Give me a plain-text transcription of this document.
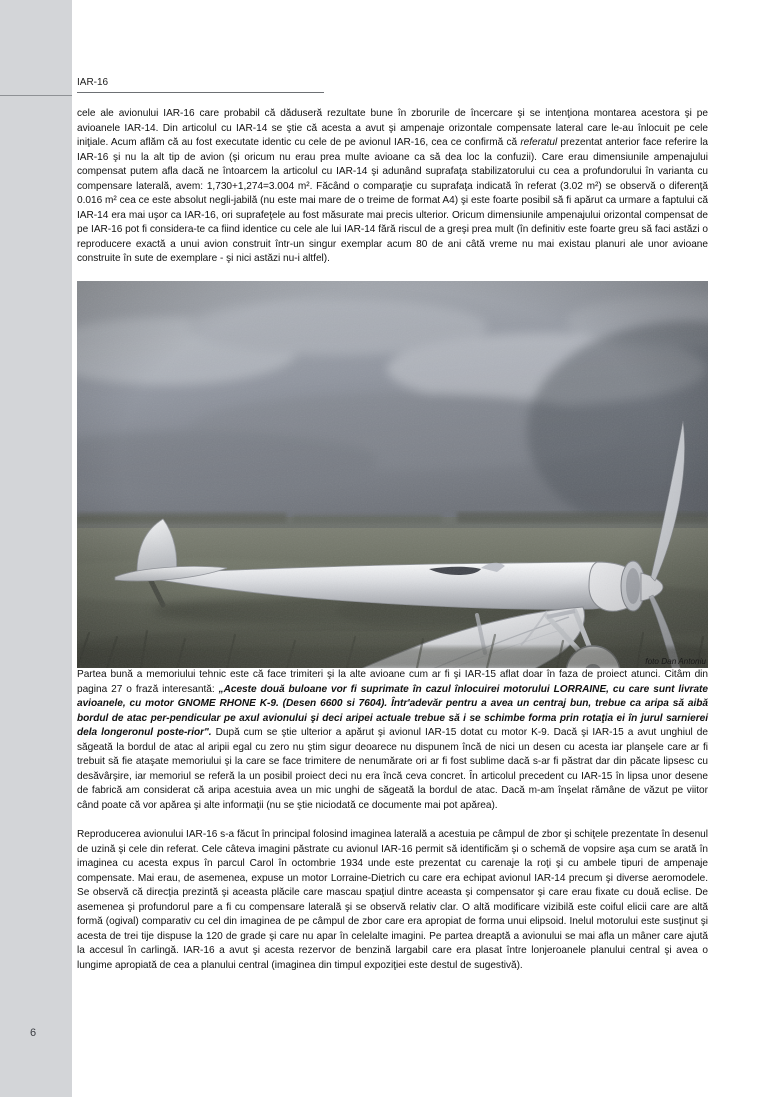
6
IAR-16

cele ale avionului IAR-16 care probabil că dăduseră rezultate bune în zborurile de încercare şi se intenţiona montarea acestora şi pe avioanele IAR-14. Din articolul cu IAR-14 se ştie că acesta a avut şi ampenaje orizontale compensate lateral care le-au înlocuit pe cele iniţiale. Acum aflăm că au fost executate identic cu cele de pe avionul IAR-16, cea ce confirmă că referatul prezentat anterior face referire la IAR-16 şi nu la alt tip de avion (şi oricum nu erau prea multe avioane ca să dea loc la confuzii). Care erau dimensiunile ampenajului compensat putem afla dacă ne întoarcem la articolul cu IAR-14 şi adunând suprafaţa stabilizatorului cu cea a profundorului în varianta cu compensare laterală, avem: 1,730+1,274=3.004 m². Făcând o comparaţie cu suprafaţa indicată în referat (3.02 m²) se observă o diferenţă 0.016 m² cea ce este absolut negli-jabilă (nu este mai mare de o treime de format A4) şi este foarte posibil să fi apărut ca urmare a faptului că IAR-14 era mai uşor ca IAR-16, ori suprafeţele au fost măsurate mai precis ulterior. Oricum dimensiunile ampenajului orizontal compensat de pe IAR-16 pot fi considera-te ca fiind identice cu cele ale lui IAR-14 fără riscul de a greşi prea mult (în definitiv este foarte greu să faci astăzi o reproducere exactă a unui avion construit într-un singur exemplar acum 80 de ani câtă vreme nu mai existau planuri ale unor avioane construite în sute de exemplare - şi nici astăzi nu-i altfel).

foto Dan Antoniu

Partea bună a memoriului tehnic este că face trimiteri şi la alte avioane cum ar fi şi IAR-15 aflat doar în faza de proiect atunci. Citâm din pagina 27 o frază interesantă: „Aceste două buloane vor fi suprimate în cazul înlocuirei motorului LORRAINE, cu care sunt livrate avioanele, cu motor GNOME RHONE K-9. (Desen 6600 si 7604). Într'adevăr pentru a avea un centraj bun, trebue ca aripa să aibă bordul de atac per-pendicular pe axul avionului şi deci aripei actuale trebue să i se schimbe forma prin rotaţia ei în jurul sarnierei dela longeronul poste-rior". După cum se ştie ulterior a apărut şi avionul IAR-15 dotat cu motor K-9. Dacă şi IAR-15 a avut unghiul de săgeată la bordul de atac al aripii egal cu zero nu ştim sigur deoarece nu dispunem încă de nici un desen cu acesta iar planşele care ar fi trebuit să fie ataşate memoriului şi la care se face trimitere de nenumărate ori ar fi fost sublime dacă s-ar fi păstrat dar din păcate lipsesc cu desăvârşire, iar memoriul se referă la un posibil proiect deci nu era încă ceva concret. În articolul precedent cu IAR-15 în lipsa unor desene de fabrică am considerat că aripa acestuia avea un mic unghi de săgeată la bordul de atac. Dacă m-am înşelat rămâne de văzut pe viitor când poate că vor apărea şi alte informaţii (nu se ştie niciodată ce documente mai pot apărea).

Reproducerea avionului IAR-16 s-a făcut în principal folosind imaginea laterală a acestuia pe câmpul de zbor şi schiţele prezentate în desenul de uzină şi cele din referat. Cele câteva imagini păstrate cu avionul IAR-16 permit să identificăm şi o schemă de vopsire aşa cum se arată în imaginea cu acesta expus în parcul Carol în octombrie 1934 unde este prezentat cu carenaje la roţi şi cu ambele tipuri de ampenaje compensate. Mai erau, de asemenea, expuse un motor Lorraine-Dietrich cu care era echipat avionul IAR-14 precum şi diverse aeromodele. Se observă că direcţia prezintă şi aceasta plăcile care mascau spaţiul dintre aceasta şi compensator şi care erau fixate cu două eclise. De asemenea şi profundorul pare a fi cu compensare laterală şi se observă relativ clar. O altă modificare vizibilă este coiful elicii care are altă formă (ogival) comparativ cu cel din imaginea de pe câmpul de zbor care era apropiat de forma unui elipsoid. Inelul motorului este susţinut şi acesta de trei tije dispuse la 120 de grade şi care nu apar în celelalte imagini. Pe partea dreaptă a avionului se mai afla un mâner care ajută la accesul în carlingă. IAR-16 a avut şi acesta rezervor de benzină largabil care era plasat între lonjeroanele planului central şi avea o lungime apropiată de cea a planului central (imaginea din timpul expoziţiei este destul de sugestivă).
